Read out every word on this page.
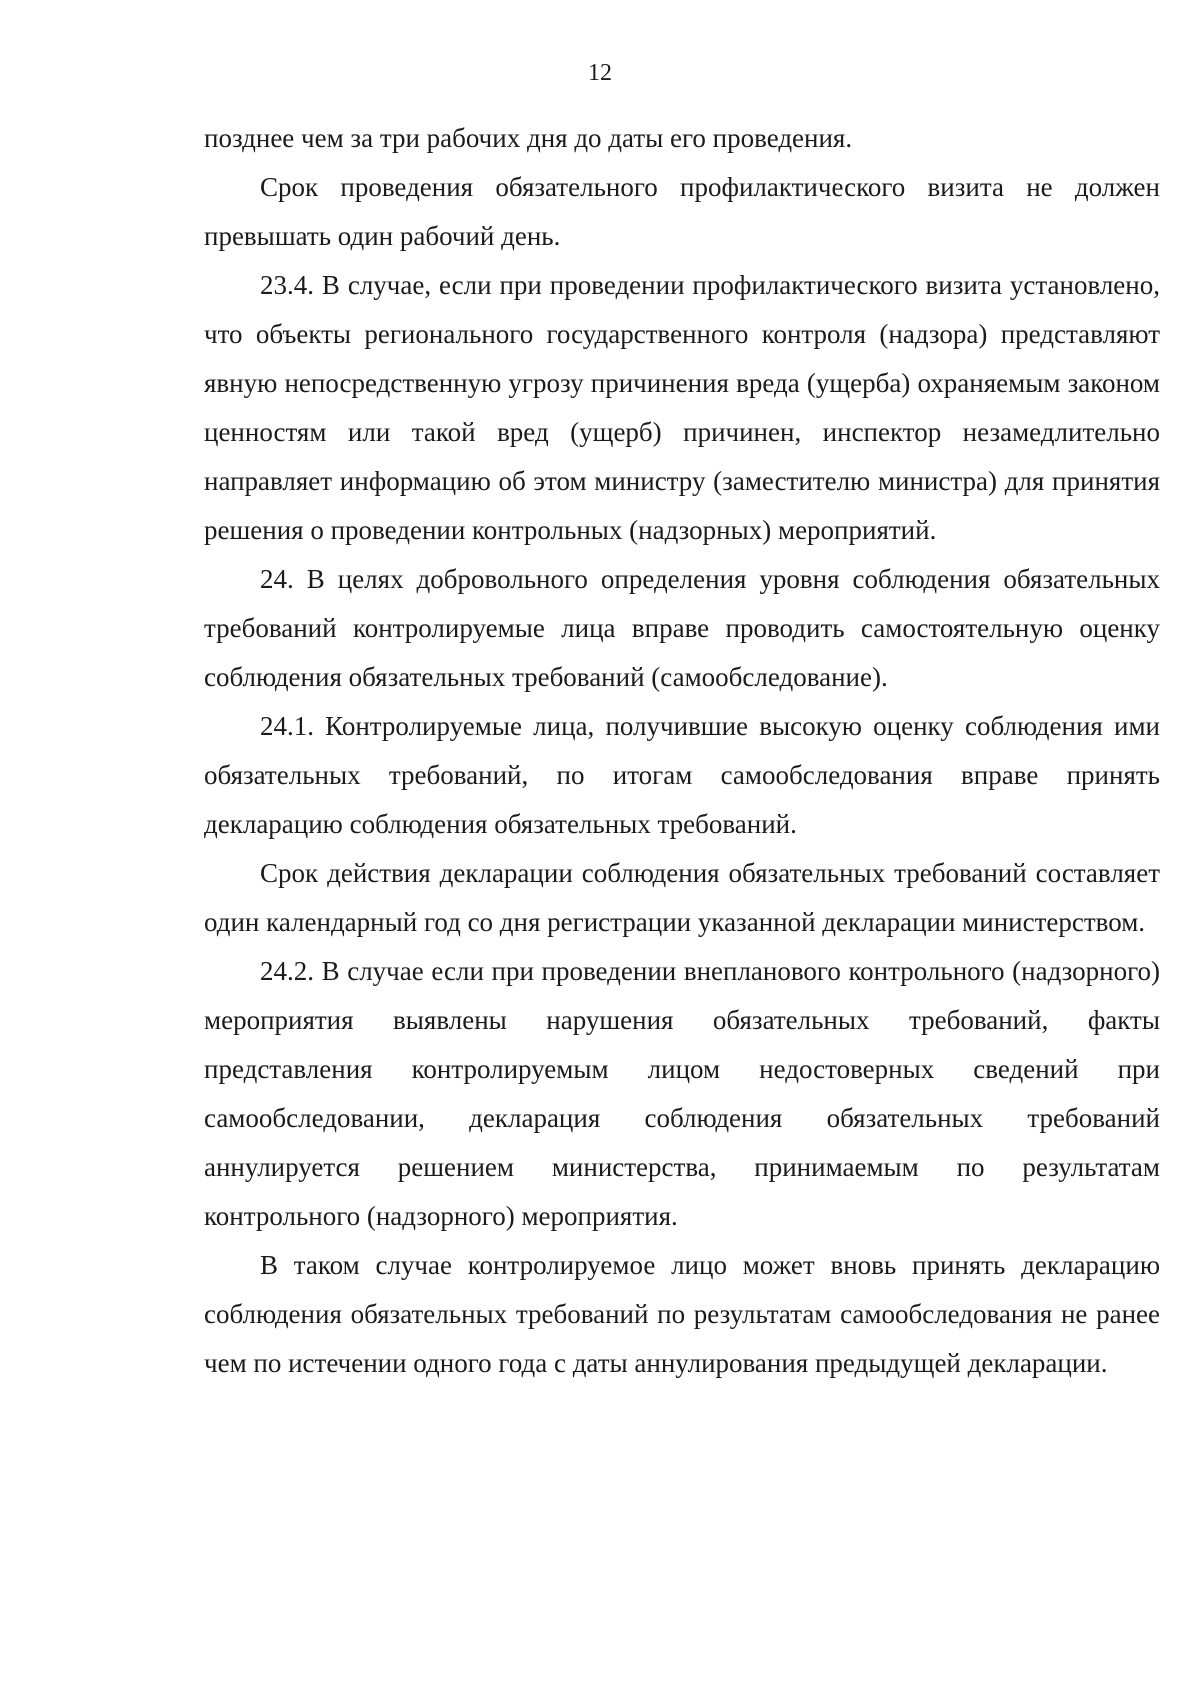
12

позднее чем за три рабочих дня до даты его проведения.

Срок проведения обязательного профилактического визита не должен превышать один рабочий день.

23.4. В случае, если при проведении профилактического визита установлено, что объекты регионального государственного контроля (надзора) представляют явную непосредственную угрозу причинения вреда (ущерба) охраняемым законом ценностям или такой вред (ущерб) причинен, инспектор незамедлительно направляет информацию об этом министру (заместителю министра) для принятия решения о проведении контрольных (надзорных) мероприятий.

24. В целях добровольного определения уровня соблюдения обязательных требований контролируемые лица вправе проводить самостоятельную оценку соблюдения обязательных требований (самообследование).

24.1. Контролируемые лица, получившие высокую оценку соблюдения ими обязательных требований, по итогам самообследования вправе принять декларацию соблюдения обязательных требований.

Срок действия декларации соблюдения обязательных требований составляет один календарный год со дня регистрации указанной декларации министерством.

24.2. В случае если при проведении внепланового контрольного (надзорного) мероприятия выявлены нарушения обязательных требований, факты представления контролируемым лицом недостоверных сведений при самообследовании, декларация соблюдения обязательных требований аннулируется решением министерства, принимаемым по результатам контрольного (надзорного) мероприятия.

В таком случае контролируемое лицо может вновь принять декларацию соблюдения обязательных требований по результатам самообследования не ранее чем по истечении одного года с даты аннулирования предыдущей декларации.
